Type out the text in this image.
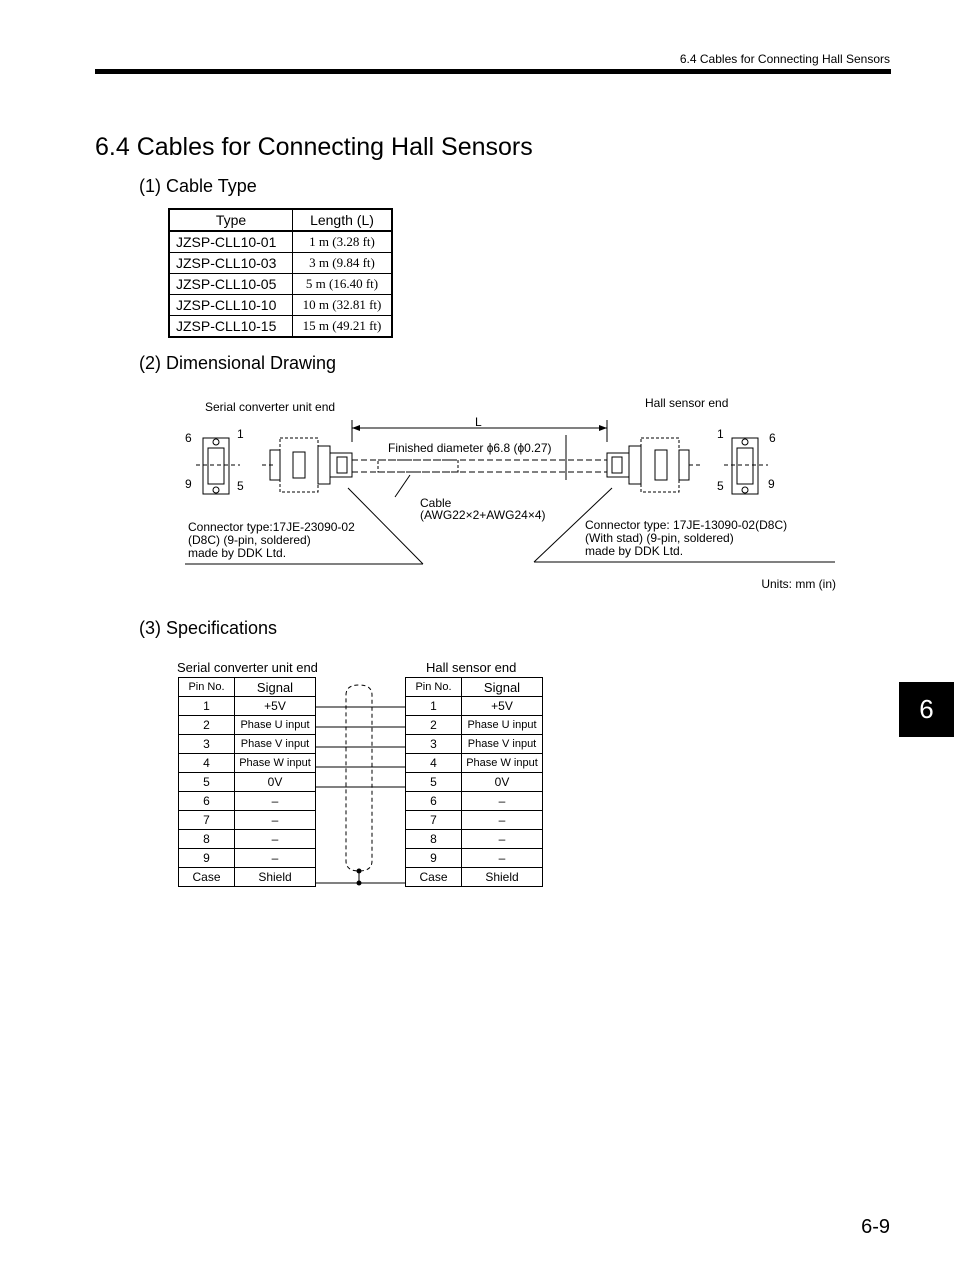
6.4 Cables for Connecting Hall Sensors
6.4 Cables for Connecting Hall Sensors
(1) Cable Type
Type	Length (L)
JZSP-CLL10-01	1 m (3.28 ft)
JZSP-CLL10-03	3 m (9.84 ft)
JZSP-CLL10-05	5 m (16.40 ft)
JZSP-CLL10-10	10 m (32.81 ft)
JZSP-CLL10-15	15 m (49.21 ft)
(2) Dimensional Drawing
Serial converter unit end	Hall sensor end
L
6	1
9	5
Finished diameter ϕ6.8 (ϕ0.27)
1	6
5	9
Cable
(AWG22×2+AWG24×4)
Connector type:17JE-23090-02
(D8C) (9-pin, soldered)
made by DDK Ltd.
Connector type: 17JE-13090-02(D8C)
(With stad) (9-pin, soldered)
made by DDK Ltd.
Units: mm (in)
(3) Specifications
Serial converter unit end	Hall sensor end
Pin No.	Signal
1	+5V
2	Phase U input
3	Phase V input
4	Phase W input
5	0V
6	–
7	–
8	–
9	–
Case	Shield
Pin No.	Signal
1	+5V
2	Phase U input
3	Phase V input
4	Phase W input
5	0V
6	–
7	–
8	–
9	–
Case	Shield
6
6-9
